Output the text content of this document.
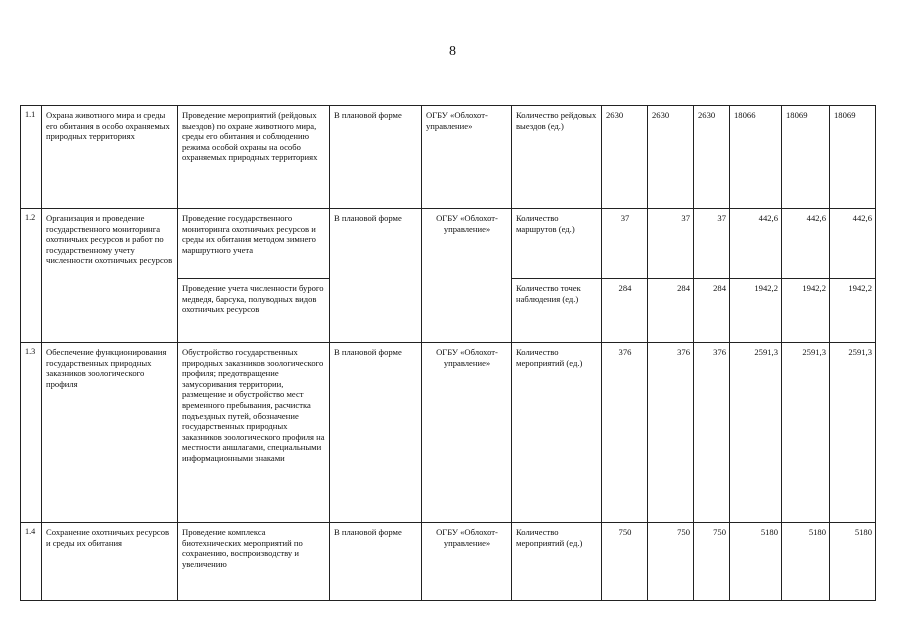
8
1.1	Охрана животного мира и среды его обитания в особо охраняемых природных территориях	Проведение мероприятий (рейдовых выездов) по охране животного мира, среды его обитания и соблюдению режима особой охраны на особо охраняемых природных территориях	В плановой форме	ОГБУ «Облохот-управление»	Количество рейдовых выездов (ед.)	2630	2630	2630	18066	18069	18069
1.2	Организация и проведение государственного мониторинга охотничьих ресурсов и работ по государственному учету численности охотничьих ресурсов	Проведение государственного мониторинга охотничьих ресурсов и среды их обитания методом зимнего маршрутного учета	В плановой форме	ОГБУ «Облохот-управление»	Количество маршрутов (ед.)	37	37	37	442,6	442,6	442,6
		Проведение учета численности бурого медведя, барсука, полуводных видов охотничьих ресурсов			Количество точек наблюдения (ед.)	284	284	284	1942,2	1942,2	1942,2
1.3	Обеспечение функционирования государственных природных заказников зоологического профиля	Обустройство государственных природных заказников зоологического профиля; предотвращение замусоривания территории, размещение и обустройство мест временного пребывания, расчистка подъездных путей, обозначение государственных природных заказников зоологического профиля на местности аншлагами, специальными информационными знаками	В плановой форме	ОГБУ «Облохот-управление»	Количество мероприятий (ед.)	376	376	376	2591,3	2591,3	2591,3
1.4	Сохранение охотничьих ресурсов и среды их обитания	Проведение комплекса биотехнических мероприятий по сохранению, воспроизводству и увеличению	В плановой форме	ОГБУ «Облохот-управление»	Количество мероприятий (ед.)	750	750	750	5180	5180	5180
